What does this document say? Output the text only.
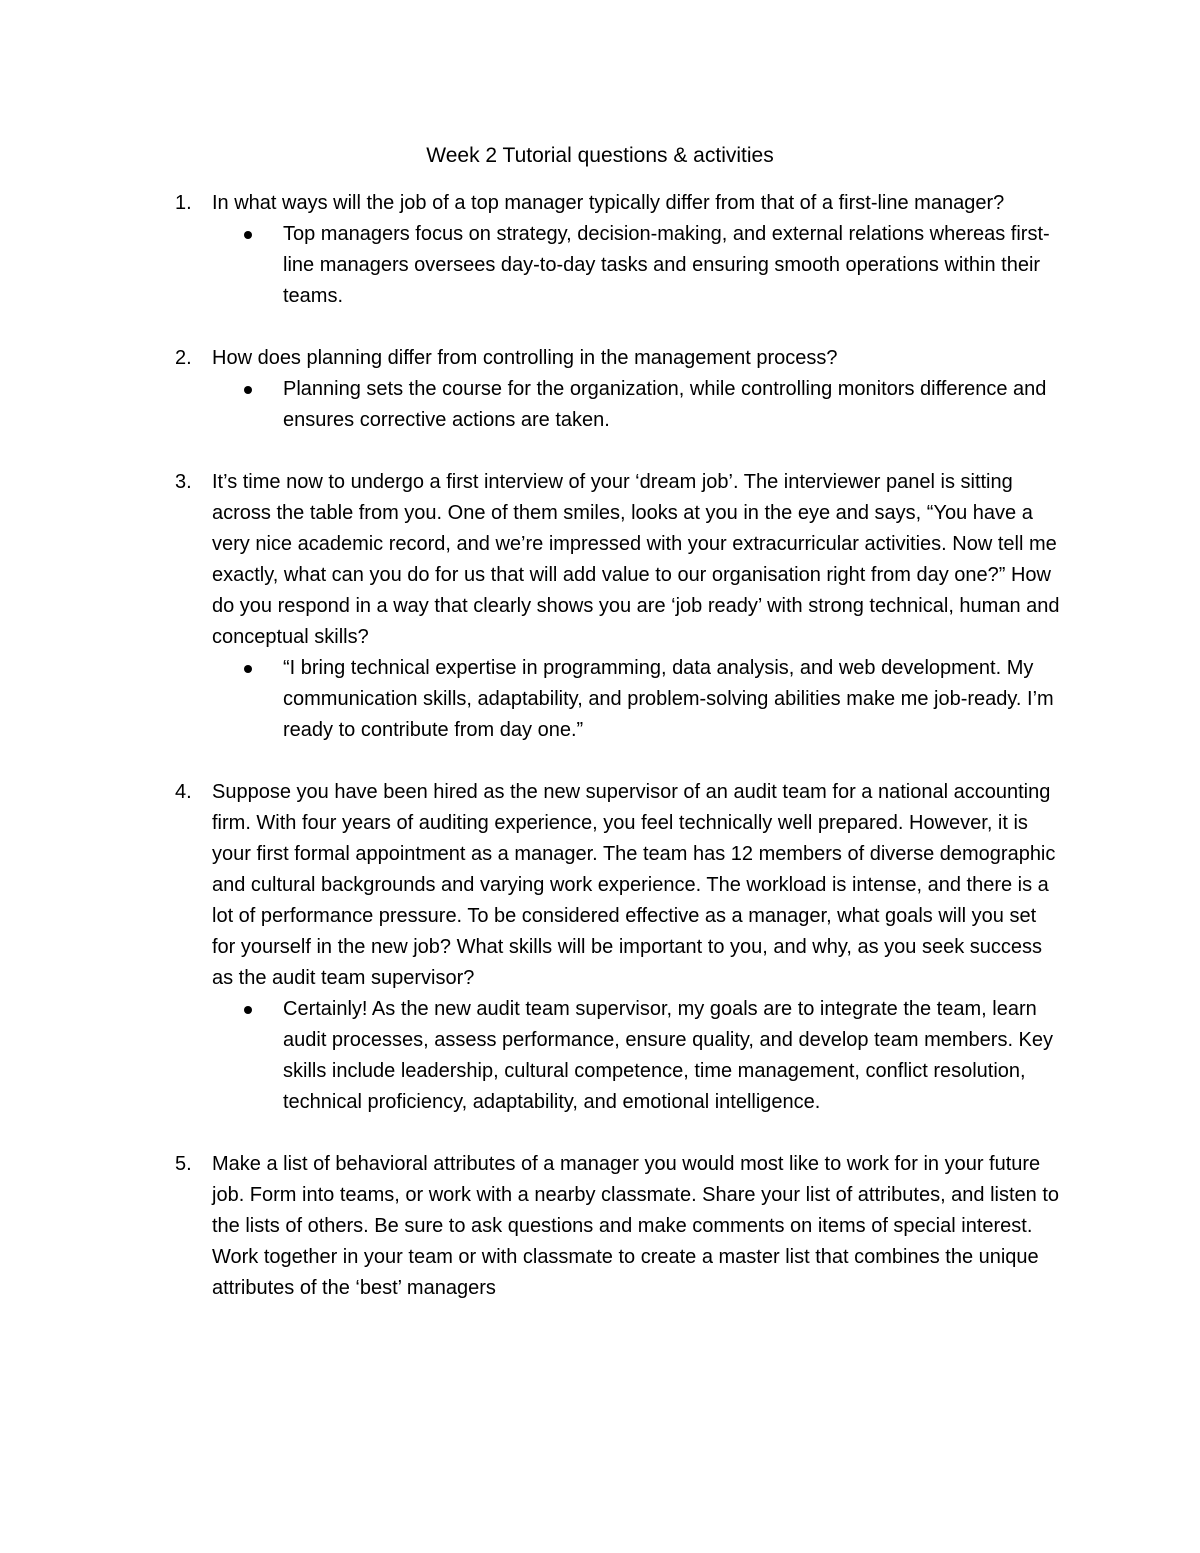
Week 2 Tutorial questions & activities
1. In what ways will the job of a top manager typically differ from that of a first-line manager?

Top managers focus on strategy, decision-making, and external relations whereas first-line managers oversees day-to-day tasks and ensuring smooth operations within their teams.
2. How does planning differ from controlling in the management process?

Planning sets the course for the organization, while controlling monitors difference and ensures corrective actions are taken.
3. It’s time now to undergo a first interview of your ‘dream job’. The interviewer panel is sitting across the table from you. One of them smiles, looks at you in the eye and says, “You have a very nice academic record, and we’re impressed with your extracurricular activities. Now tell me exactly, what can you do for us that will add value to our organisation right from day one?” How do you respond in a way that clearly shows you are ‘job ready’ with strong technical, human and conceptual skills?

“I bring technical expertise in programming, data analysis, and web development. My communication skills, adaptability, and problem-solving abilities make me job-ready. I’m ready to contribute from day one.”
4. Suppose you have been hired as the new supervisor of an audit team for a national accounting firm. With four years of auditing experience, you feel technically well prepared. However, it is your first formal appointment as a manager. The team has 12 members of diverse demographic and cultural backgrounds and varying work experience. The workload is intense, and there is a lot of performance pressure. To be considered effective as a manager, what goals will you set for yourself in the new job? What skills will be important to you, and why, as you seek success as the audit team supervisor?

Certainly! As the new audit team supervisor, my goals are to integrate the team, learn audit processes, assess performance, ensure quality, and develop team members. Key skills include leadership, cultural competence, time management, conflict resolution, technical proficiency, adaptability, and emotional intelligence.
5. Make a list of behavioral attributes of a manager you would most like to work for in your future job. Form into teams, or work with a nearby classmate. Share your list of attributes, and listen to the lists of others. Be sure to ask questions and make comments on items of special interest. Work together in your team or with classmate to create a master list that combines the unique attributes of the ‘best’ managers
